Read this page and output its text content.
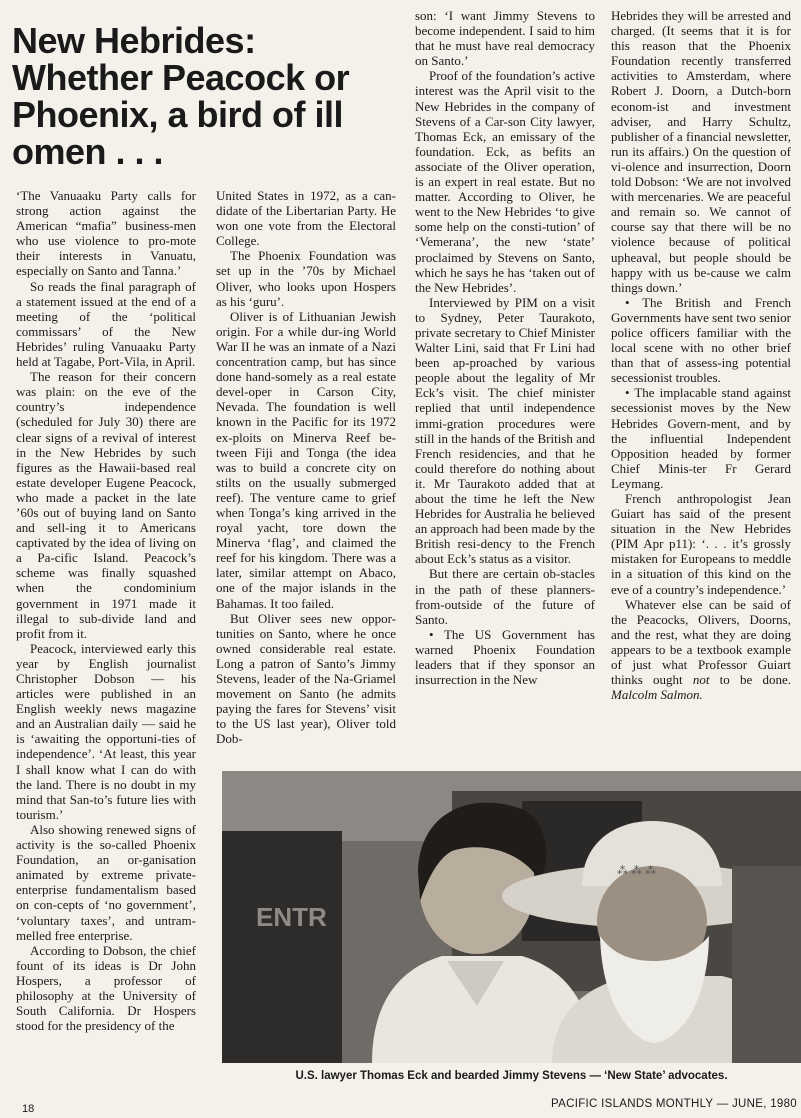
New Hebrides: Whether Peacock or Phoenix, a bird of ill omen . . .

‘The Vanuaaku Party calls for strong action against the American “mafia” business-men who use violence to pro-mote their interests in Vanuatu, especially on Santo and Tanna.’

So reads the final paragraph of a statement issued at the end of a meeting of the ‘political commissars’ of the New Hebrides’ ruling Vanuaaku Party held at Tagabe, Port-Vila, in April.

The reason for their concern was plain: on the eve of the country’s independence (scheduled for July 30) there are clear signs of a revival of interest in the New Hebrides by such figures as the Hawaii-based real estate developer Eugene Peacock, who made a packet in the late ’60s out of buying land on Santo and sell-ing it to Americans captivated by the idea of living on a Pa-cific Island. Peacock’s scheme was finally squashed when the condominium government in 1971 made it illegal to sub-divide land and profit from it.

Peacock, interviewed early this year by English journalist Christopher Dobson — his articles were published in an English weekly news magazine and an Australian daily — said he is ‘awaiting the opportuni-ties of independence’. ‘At least, this year I shall know what I can do with the land. There is no doubt in my mind that San-to’s future lies with tourism.’

Also showing renewed signs of activity is the so-called Phoenix Foundation, an or-ganisation animated by extreme private-enterprise fundamentalism based on con-cepts of ‘no government’, ‘voluntary taxes’, and untram-melled free enterprise.

According to Dobson, the chief fount of its ideas is Dr John Hospers, a professor of philosophy at the University of South California. Dr Hospers stood for the presidency of the

United States in 1972, as a can-didate of the Libertarian Party. He won one vote from the Electoral College.

The Phoenix Foundation was set up in the ’70s by Michael Oliver, who looks upon Hospers as his ‘guru’.

Oliver is of Lithuanian Jewish origin. For a while dur-ing World War II he was an inmate of a Nazi concentration camp, but has since done hand-somely as a real estate devel-oper in Carson City, Nevada. The foundation is well known in the Pacific for its 1972 ex-ploits on Minerva Reef be-tween Fiji and Tonga (the idea was to build a concrete city on stilts on the usually submerged reef). The venture came to grief when Tonga’s king arrived in the royal yacht, tore down the Minerva ‘flag’, and claimed the reef for his kingdom. There was a later, similar attempt on Abaco, one of the major islands in the Bahamas. It too failed.

But Oliver sees new oppor-tunities on Santo, where he once owned considerable real estate. Long a patron of Santo’s Jimmy Stevens, leader of the Na-Griamel movement on Santo (he admits paying the fares for Stevens’ visit to the US last year), Oliver told Dob-

son: ‘I want Jimmy Stevens to become independent. I said to him that he must have real democracy on Santo.’

Proof of the foundation’s active interest was the April visit to the New Hebrides in the company of Stevens of a Car-son City lawyer, Thomas Eck, an emissary of the foundation. Eck, as befits an associate of the Oliver operation, is an expert in real estate. But no matter. According to Oliver, he went to the New Hebrides ‘to give some help on the consti-tution’ of ‘Vemerana’, the new ‘state’ proclaimed by Stevens on Santo, which he says he has ‘taken out of the New Hebrides’.

Interviewed by PIM on a visit to Sydney, Peter Taurakoto, private secretary to Chief Minister Walter Lini, said that Fr Lini had been ap-proached by various people about the legality of Mr Eck’s visit. The chief minister replied that until independence immi-gration procedures were still in the hands of the British and French residencies, and that he could therefore do nothing about it. Mr Taurakoto added that at about the time he left the New Hebrides for Australia he believed an approach had been made by the British resi-dency to the French about Eck’s status as a visitor.

But there are certain ob-stacles in the path of these planners-from-outside of the future of Santo.

• The US Government has warned Phoenix Foundation leaders that if they sponsor an insurrection in the New

Hebrides they will be arrested and charged. (It seems that it is for this reason that the Phoenix Foundation recently transferred activities to Amsterdam, where Robert J. Doorn, a Dutch-born econom-ist and investment adviser, and Harry Schultz, publisher of a financial newsletter, run its affairs.) On the question of vi-olence and insurrection, Doorn told Dobson: ‘We are not involved with mercenaries. We are peaceful and remain so. We cannot of course say that there will be no violence because of political upheaval, but people should be happy with us be-cause we calm things down.’

• The British and French Governments have sent two senior police officers familiar with the local scene with no other brief than that of assess-ing potential secessionist troubles.

• The implacable stand against secessionist moves by the New Hebrides Govern-ment, and by the influential Independent Opposition headed by former Chief Minis-ter Fr Gerard Leymang.

French anthropologist Jean Guiart has said of the present situation in the New Hebrides (PIM Apr p11): ‘. . . it’s grossly mistaken for Europeans to meddle in a situation of this kind on the eve of a country’s independence.’

Whatever else can be said of the Peacocks, Olivers, Doorns, and the rest, what they are doing appears to be a textbook example of just what Professor Guiart thinks ought not to be done. Malcolm Salmon.

ENTR
⁂ ⁂ ⁂
U.S. lawyer Thomas Eck and bearded Jimmy Stevens — ‘New State’ advocates.
18	PACIFIC ISLANDS MONTHLY — JUNE, 1980
